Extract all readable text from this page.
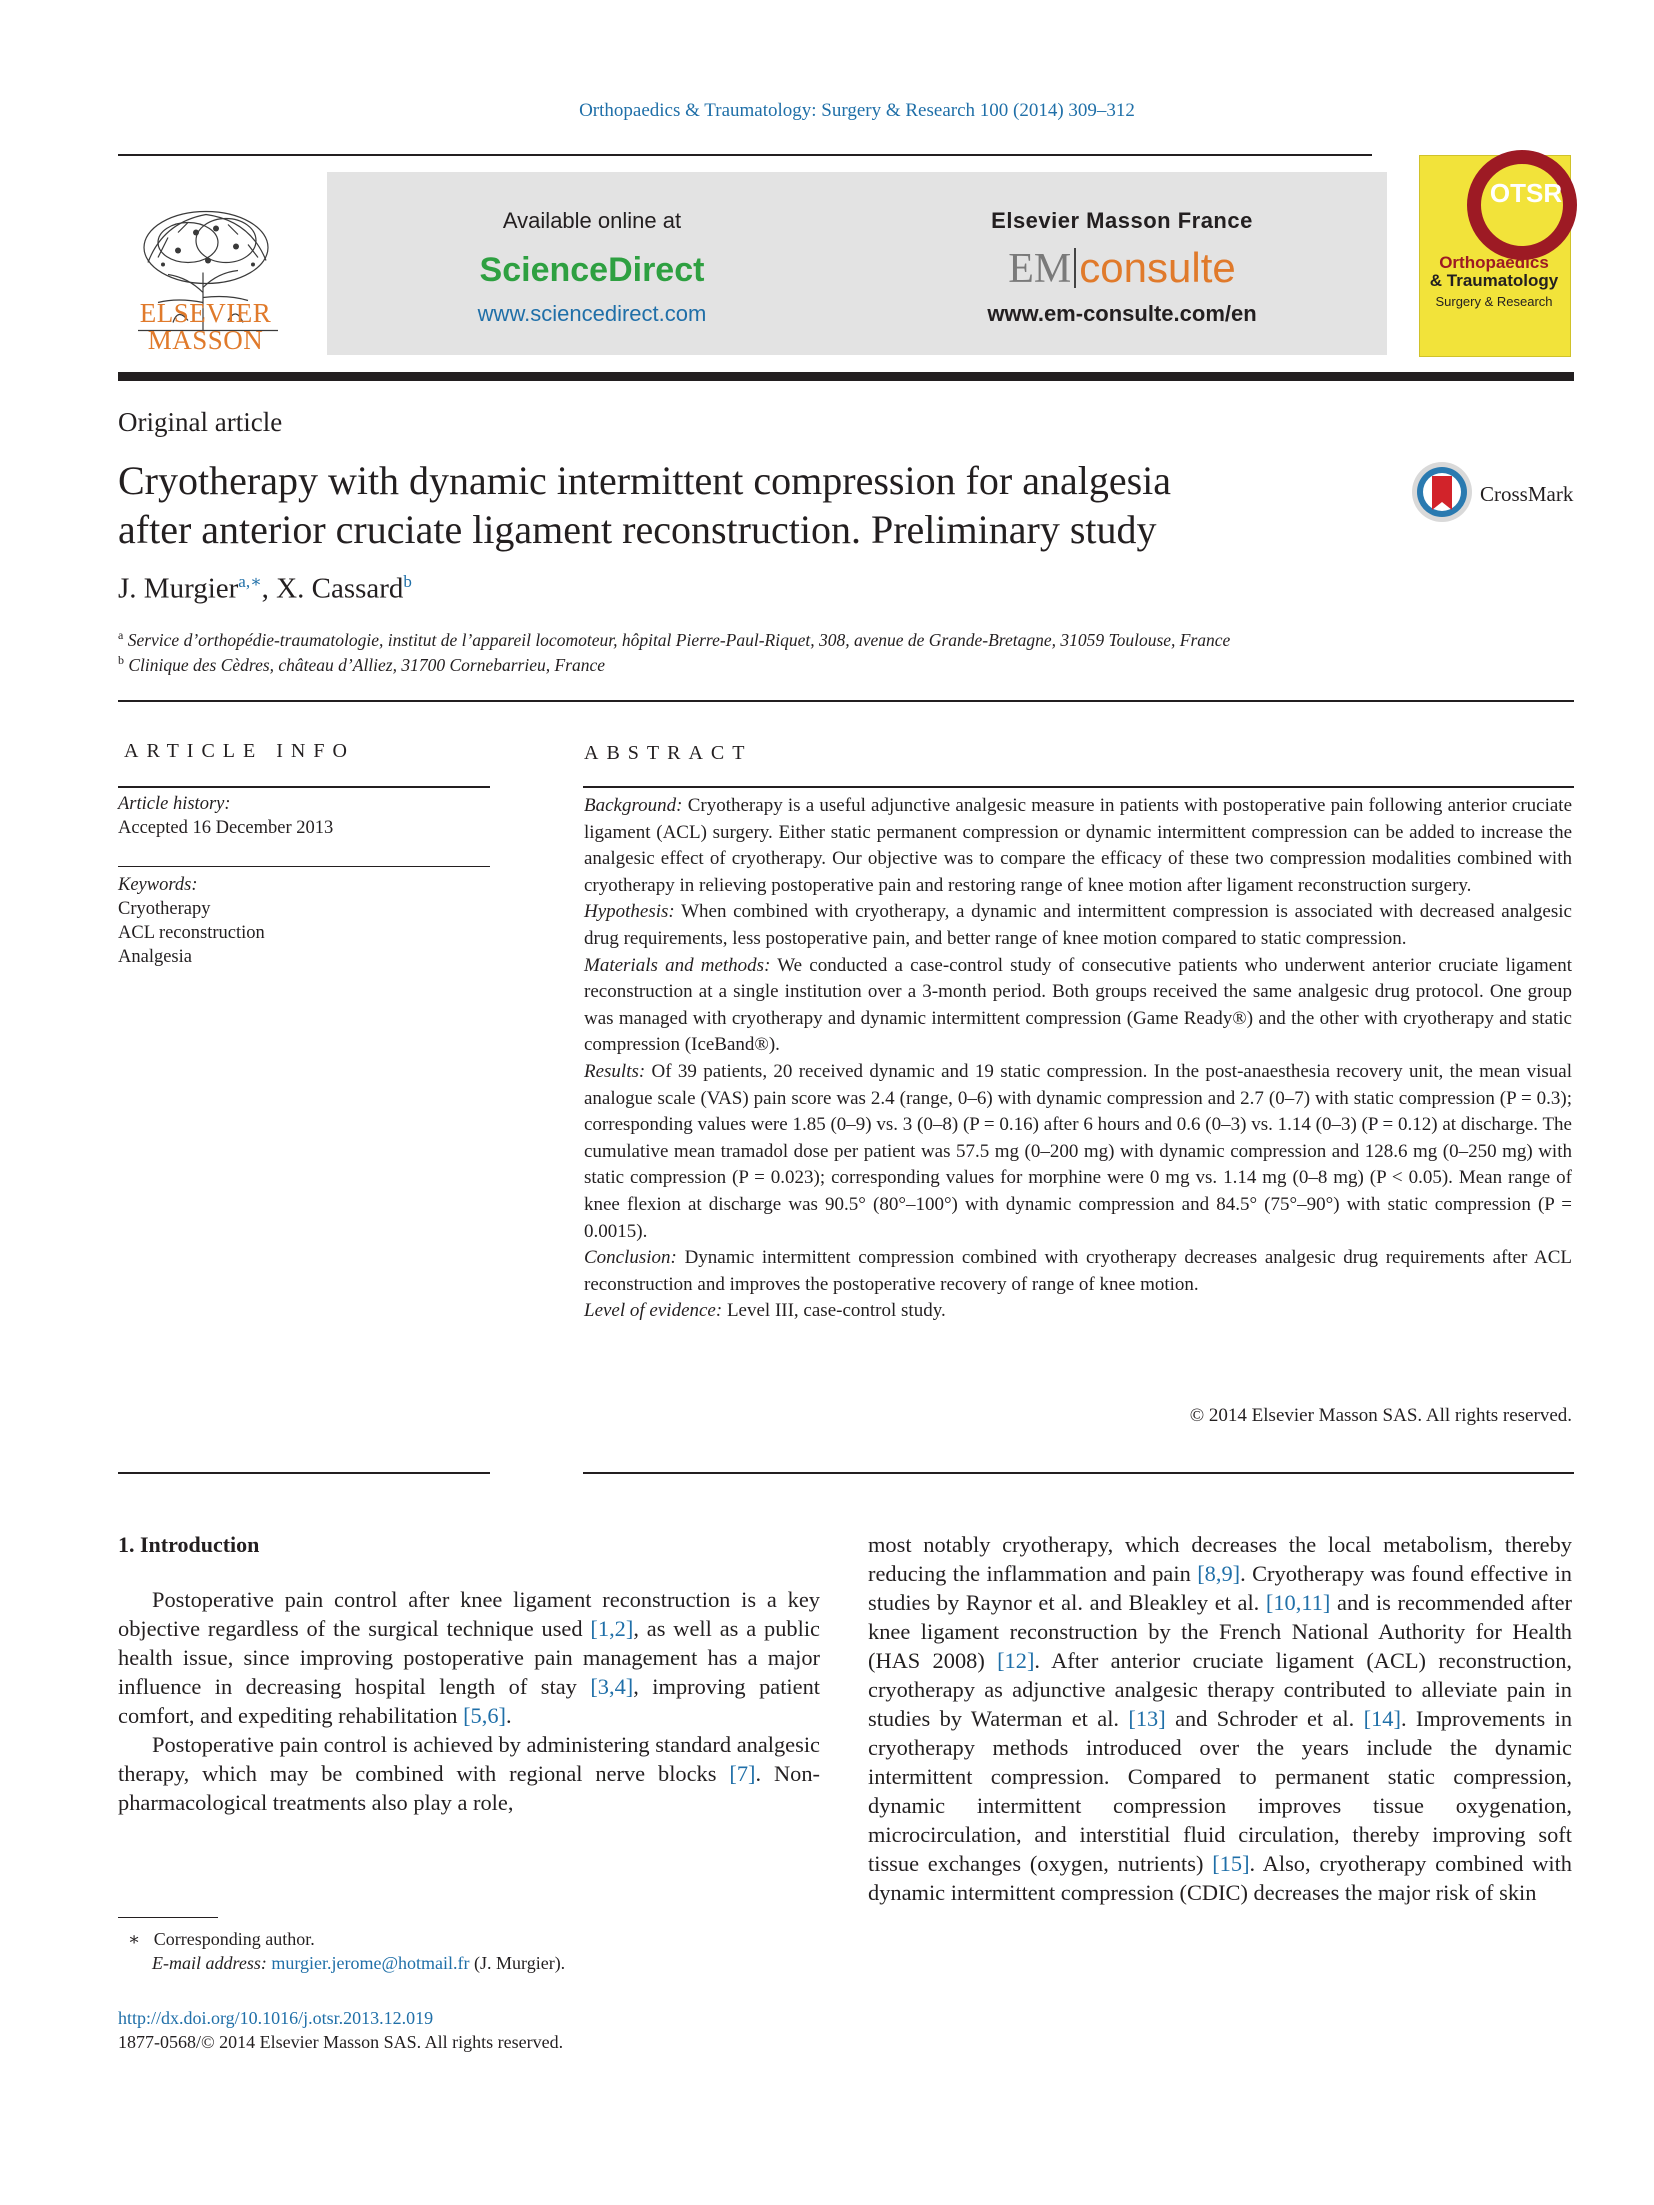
Orthopaedics & Traumatology: Surgery & Research 100 (2014) 309–312
ELSEVIER
MASSON
Available online at
ScienceDirect
www.sciencedirect.com
Elsevier Masson France
EM consulte
www.em-consulte.com/en
OTSR
Orthopaedics
& Traumatology
Surgery & Research
Original article
Cryotherapy with dynamic intermittent compression for analgesia
after anterior cruciate ligament reconstruction. Preliminary study
CrossMark
J. Murgier$^{a,∗}$, X. Cassard$^b$
$^a$ Service d’orthopédie-traumatologie, institut de l’appareil locomoteur, hôpital Pierre-Paul-Riquet, 308, avenue de Grande-Bretagne, 31059 Toulouse, France
$^b$ Clinique des Cèdres, château d’Alliez, 31700 Cornebarrieu, France
ARTICLE INFO
Article history:
Accepted 16 December 2013
Keywords:
Cryotherapy
ACL reconstruction
Analgesia
ABSTRACT

Background: Cryotherapy is a useful adjunctive analgesic measure in patients with postoperative pain following anterior cruciate ligament (ACL) surgery. Either static permanent compression or dynamic intermittent compression can be added to increase the analgesic effect of cryotherapy. Our objective was to compare the efficacy of these two compression modalities combined with cryotherapy in relieving postoperative pain and restoring range of knee motion after ligament reconstruction surgery.

Hypothesis: When combined with cryotherapy, a dynamic and intermittent compression is associated with decreased analgesic drug requirements, less postoperative pain, and better range of knee motion compared to static compression.

Materials and methods: We conducted a case-control study of consecutive patients who underwent anterior cruciate ligament reconstruction at a single institution over a 3-month period. Both groups received the same analgesic drug protocol. One group was managed with cryotherapy and dynamic intermittent compression (Game Ready®) and the other with cryotherapy and static compression (IceBand®).

Results: Of 39 patients, 20 received dynamic and 19 static compression. In the post-anaesthesia recovery unit, the mean visual analogue scale (VAS) pain score was 2.4 (range, 0–6) with dynamic compression and 2.7 (0–7) with static compression (P = 0.3); corresponding values were 1.85 (0–9) vs. 3 (0–8) (P = 0.16) after 6 hours and 0.6 (0–3) vs. 1.14 (0–3) (P = 0.12) at discharge. The cumulative mean tramadol dose per patient was 57.5 mg (0–200 mg) with dynamic compression and 128.6 mg (0–250 mg) with static compression (P = 0.023); corresponding values for morphine were 0 mg vs. 1.14 mg (0–8 mg) (P < 0.05). Mean range of knee flexion at discharge was 90.5° (80°–100°) with dynamic compression and 84.5° (75°–90°) with static compression (P = 0.0015).

Conclusion: Dynamic intermittent compression combined with cryotherapy decreases analgesic drug requirements after ACL reconstruction and improves the postoperative recovery of range of knee motion.

Level of evidence: Level III, case-control study.

© 2014 Elsevier Masson SAS. All rights reserved.
1. Introduction

Postoperative pain control after knee ligament reconstruction is a key objective regardless of the surgical technique used [1,2], as well as a public health issue, since improving postoperative pain management has a major influence in decreasing hospital length of stay [3,4], improving patient comfort, and expediting rehabilitation [5,6].

Postoperative pain control is achieved by administering standard analgesic therapy, which may be combined with regional nerve blocks [7]. Non-pharmacological treatments also play a role,

most notably cryotherapy, which decreases the local metabolism, thereby reducing the inflammation and pain [8,9]. Cryotherapy was found effective in studies by Raynor et al. and Bleakley et al. [10,11] and is recommended after knee ligament reconstruction by the French National Authority for Health (HAS 2008) [12]. After anterior cruciate ligament (ACL) reconstruction, cryotherapy as adjunctive analgesic therapy contributed to alleviate pain in studies by Waterman et al. [13] and Schroder et al. [14]. Improvements in cryotherapy methods introduced over the years include the dynamic intermittent compression. Compared to permanent static compression, dynamic intermittent compression improves tissue oxygenation, microcirculation, and interstitial fluid circulation, thereby improving soft tissue exchanges (oxygen, nutrients) [15]. Also, cryotherapy combined with dynamic intermittent compression (CDIC) decreases the major risk of skin

∗ Corresponding author.
E-mail address: murgier.jerome@hotmail.fr (J. Murgier).
http://dx.doi.org/10.1016/j.otsr.2013.12.019
1877-0568/© 2014 Elsevier Masson SAS. All rights reserved.
